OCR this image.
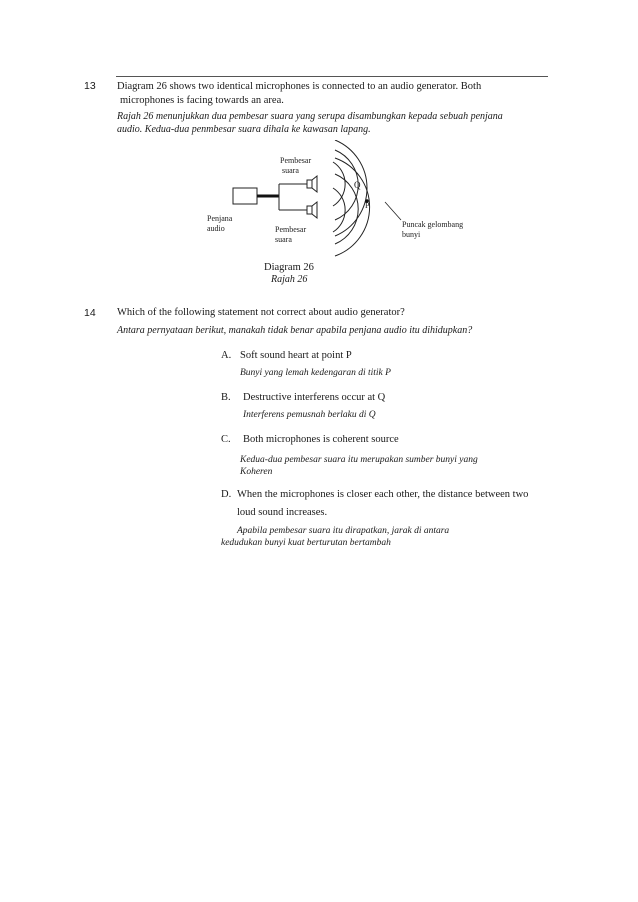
13 Diagram 26 shows two identical microphones is connected to an audio generator. Both
microphones is facing towards an area.
Rajah 26 menunjukkan dua pembesar suara yang serupa disambungkan kepada sebuah penjana
audio. Kedua-dua penmbesar suara dihala ke kawasan lapang.
Pembesar
suara
Penjana
audio	Pembesar
suara
Puncak gelombang
bunyi
Q
P
Diagram 26
Rajah 26
14 Which of the following statement not correct about audio generator?
Antara pernyataan berikut, manakah tidak benar apabila penjana audio itu dihidupkan?
A. Soft sound heart at point P
Bunyi yang lemah kedengaran di titik P
B. Destructive interferens occur at Q
Interferens pemusnah berlaku di Q
C. Both microphones is coherent source
Kedua-dua pembesar suara itu merupakan sumber bunyi yang
Koheren
D. When the microphones is closer each other, the distance between two
loud sound increases.
Apabila pembesar suara itu dirapatkan, jarak di antara
kedudukan bunyi kuat berturutan bertambah
